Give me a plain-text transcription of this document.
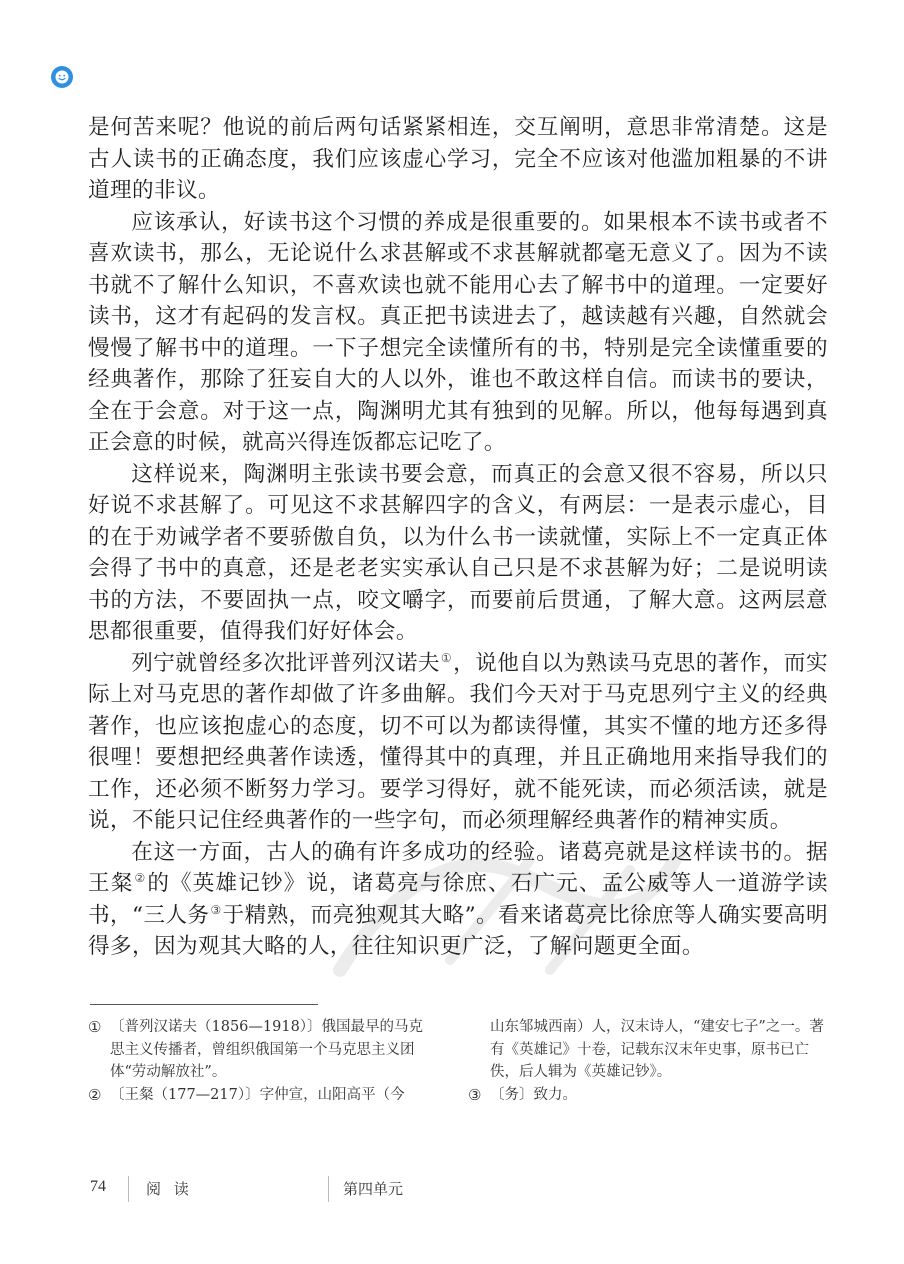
是何苦来呢？他说的前后两句话紧紧相连，交互阐明，意思非常清楚。这是古人读书的正确态度，我们应该虚心学习，完全不应该对他滥加粗暴的不讲道理的非议。

应该承认，好读书这个习惯的养成是很重要的。如果根本不读书或者不喜欢读书，那么，无论说什么求甚解或不求甚解就都毫无意义了。因为不读书就不了解什么知识，不喜欢读也就不能用心去了解书中的道理。一定要好读书，这才有起码的发言权。真正把书读进去了，越读越有兴趣，自然就会慢慢了解书中的道理。一下子想完全读懂所有的书，特别是完全读懂重要的经典著作，那除了狂妄自大的人以外，谁也不敢这样自信。而读书的要诀，全在于会意。对于这一点，陶渊明尤其有独到的见解。所以，他每每遇到真正会意的时候，就高兴得连饭都忘记吃了。

这样说来，陶渊明主张读书要会意，而真正的会意又很不容易，所以只好说不求甚解了。可见这不求甚解四字的含义，有两层：一是表示虚心，目的在于劝诫学者不要骄傲自负，以为什么书一读就懂，实际上不一定真正体会得了书中的真意，还是老老实实承认自己只是不求甚解为好；二是说明读书的方法，不要固执一点，咬文嚼字，而要前后贯通，了解大意。这两层意思都很重要，值得我们好好体会。

列宁就曾经多次批评普列汉诺夫①，说他自以为熟读马克思的著作，而实际上对马克思的著作却做了许多曲解。我们今天对于马克思列宁主义的经典著作，也应该抱虚心的态度，切不可以为都读得懂，其实不懂的地方还多得很哩！要想把经典著作读透，懂得其中的真理，并且正确地用来指导我们的工作，还必须不断努力学习。要学习得好，就不能死读，而必须活读，就是说，不能只记住经典著作的一些字句，而必须理解经典著作的精神实质。

在这一方面，古人的确有许多成功的经验。诸葛亮就是这样读书的。据王粲②的《英雄记钞》说，诸葛亮与徐庶、石广元、孟公威等人一道游学读书，“三人务③于精熟，而亮独观其大略”。看来诸葛亮比徐庶等人确实要高明得多，因为观其大略的人，往往知识更广泛，了解问题更全面。

① 〔普列汉诺夫（1856—1918）〕俄国最早的马克思主义传播者，曾组织俄国第一个马克思主义团体“劳动解放社”。
② 〔王粲（177—217）〕字仲宣，山阳高平（今
山东邹城西南）人，汉末诗人，“建安七子”之一。著有《英雄记》十卷，记载东汉末年史事，原书已亡佚，后人辑为《英雄记钞》。
③ 〔务〕致力。
74	阅 读	第四单元
